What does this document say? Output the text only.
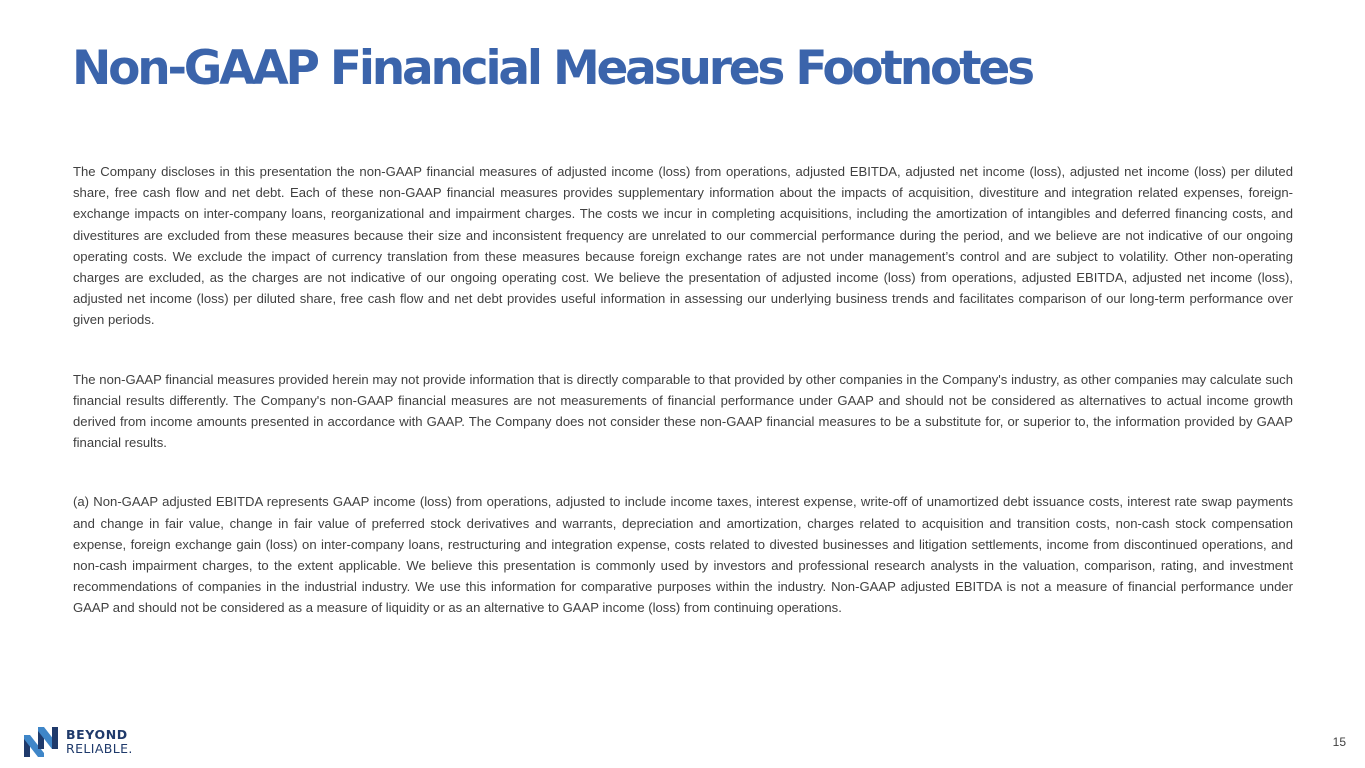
Non-GAAP Financial Measures Footnotes

The Company discloses in this presentation the non-GAAP financial measures of adjusted income (loss) from operations, adjusted EBITDA, adjusted net income (loss), adjusted net income (loss) per diluted share, free cash flow and net debt. Each of these non-GAAP financial measures provides supplementary information about the impacts of acquisition, divestiture and integration related expenses, foreign-exchange impacts on inter-company loans, reorganizational and impairment charges. The costs we incur in completing acquisitions, including the amortization of intangibles and deferred financing costs, and divestitures are excluded from these measures because their size and inconsistent frequency are unrelated to our commercial performance during the period, and we believe are not indicative of our ongoing operating costs. We exclude the impact of currency translation from these measures because foreign exchange rates are not under management’s control and are subject to volatility. Other non-operating charges are excluded, as the charges are not indicative of our ongoing operating cost. We believe the presentation of adjusted income (loss) from operations, adjusted EBITDA, adjusted net income (loss), adjusted net income (loss) per diluted share, free cash flow and net debt provides useful information in assessing our underlying business trends and facilitates comparison of our long-term performance over given periods.

The non-GAAP financial measures provided herein may not provide information that is directly comparable to that provided by other companies in the Company's industry, as other companies may calculate such financial results differently. The Company's non-GAAP financial measures are not measurements of financial performance under GAAP and should not be considered as alternatives to actual income growth derived from income amounts presented in accordance with GAAP. The Company does not consider these non-GAAP financial measures to be a substitute for, or superior to, the information provided by GAAP financial results.

(a) Non-GAAP adjusted EBITDA represents GAAP income (loss) from operations, adjusted to include income taxes, interest expense, write-off of unamortized debt issuance costs, interest rate swap payments and change in fair value, change in fair value of preferred stock derivatives and warrants, depreciation and amortization, charges related to acquisition and transition costs, non-cash stock compensation expense, foreign exchange gain (loss) on inter-company loans, restructuring and integration expense, costs related to divested businesses and litigation settlements, income from discontinued operations, and non-cash impairment charges, to the extent applicable. We believe this presentation is commonly used by investors and professional research analysts in the valuation, comparison, rating, and investment recommendations of companies in the industrial industry. We use this information for comparative purposes within the industry. Non-GAAP adjusted EBITDA is not a measure of financial performance under GAAP and should not be considered as a measure of liquidity or as an alternative to GAAP income (loss) from continuing operations.

BEYOND
RELΙABLE.	15
